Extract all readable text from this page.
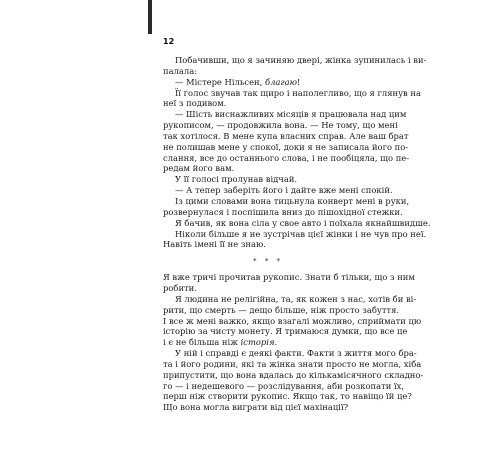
12
Побачивши, що я зачиняю двері, жінка зупинилась і ви-
палала:
— Містере Нільсен, благаю!
Її голос звучав так щиро і наполегливо, що я глянув на
неї з подивом.
— Шість виснажливих місяців я працювала над цим
рукописом, — продовжила вона. — Не тому, що мені
так хотілося. В мене купа власних справ. Але ваш брат
не полишав мене у спокої, доки я не записала його по-
слання, все до останнього слова, і не пообіцяла, що пе-
редам його вам.
У її голосі пролунав відчай.
— А тепер заберіть його і дайте вже мені спокій.
Із цими словами вона тицьнула конверт мені в руки,
розвернулася і поспішила вниз до пішохідної стежки.
Я бачив, як вона сіла у свое авто і поїхала якнайшвидше.
Ніколи більше я не зустрічав цієї жінки і не чув про неї.
Навіть імені її не знаю.
* * *
Я вже тричі прочитав рукопис. Знати б тільки, що з ним
робити.
Я людина не релігійна, та, як кожен з нас, хотів би ві-
рити, що смерть — дещо більше, ніж просто забуття.
І все ж мені важко, якщо взагалі можливо, сприймати цю
історію за чисту монету. Я тримаюся думки, що все це
і є не більша ніж історія.
У ній і справді є деякі факти. Факти з життя мого бра-
та і його родини, які та жінка знати просто не могла, хіба
припустити, що вона вдалась до кількамісячного складно-
го — і недешевого — розслідування, аби розкопати їх,
перш ніж створити рукопис. Якщо так, то навіщо їй це?
Що вона могла виграти від цієї махінації?
